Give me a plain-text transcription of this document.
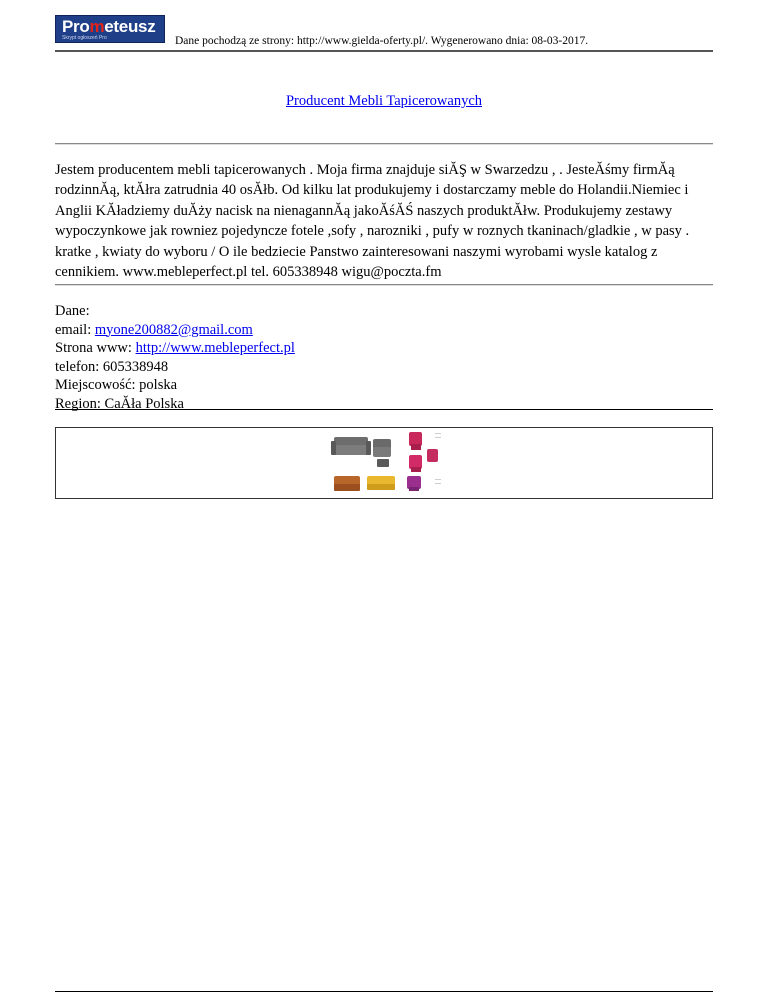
Prometeusz
Skrypt ogłoszeń Pro	Dane pochodzą ze strony: http://www.gielda-oferty.pl/. Wygenerowano dnia: 08-03-2017.
Producent Mebli Tapicerowanych
Jestem producentem mebli tapicerowanych . Moja firma znajduje siĂŞ w Swarzedzu , . JesteĂśmy firmĂą rodzinnĂą, ktĂłra zatrudnia 40 osĂłb. Od kilku lat produkujemy i dostarczamy meble do Holandii.Niemiec i Anglii KĂładziemy duĂży nacisk na nienagannĂą jakoĂśĂŚ naszych produktĂłw. Produkujemy zestawy wypoczynkowe jak rowniez pojedyncze fotele ,sofy , narozniki , pufy w roznych tkaninach/gladkie , w pasy . kratke , kwiaty do wyboru / O ile bedziecie Panstwo zainteresowani naszymi wyrobami wysle katalog z cennikiem. www.mebleperfect.pl tel. 605338948 wigu@poczta.fm
Dane:
email: myone200882@gmail.com
Strona www: http://www.mebleperfect.pl
telefon: 605338948
Miejscowość: polska
Region: CaĂła Polska
